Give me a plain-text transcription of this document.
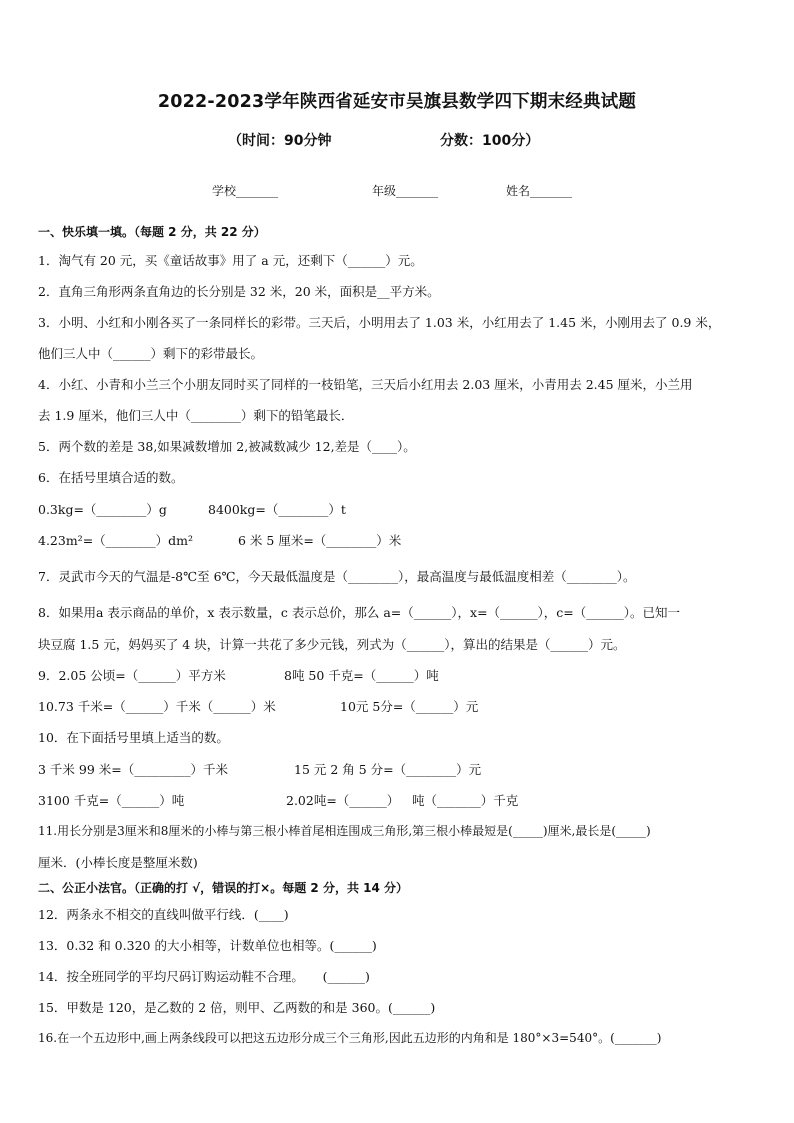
2022-2023学年陕西省延安市吴旗县数学四下期末经典试题
（时间：90分钟	分数：100分）
学校_______	年级_______	姓名_______
一、快乐填一填。（每题 2 分，共 22 分）
1．淘气有 20 元，买《童话故事》用了 a 元，还剩下（______）元。
2．直角三角形两条直角边的长分别是 32 米，20 米，面积是__平方米。
3．小明、小红和小刚各买了一条同样长的彩带。三天后，小明用去了 1.03 米，小红用去了 1.45 米，小刚用去了 0.9 米，
他们三人中（______）剩下的彩带最长。
4．小红、小青和小兰三个小朋友同时买了同样的一枝铅笔，三天后小红用去 2.03 厘米，小青用去 2.45 厘米，小兰用
去 1.9 厘米，他们三人中（________）剩下的铅笔最长．
5．两个数的差是 38,如果减数增加 2,被减数减少 12,差是（____）。
6．在括号里填合适的数。
0.3kg=（________）g	8400kg=（________）t
4.23m²=（________）dm²	6 米 5 厘米=（________）米
7．灵武市今天的气温是-8℃至 6℃，今天最低温度是（________），最高温度与最低温度相差（________）。
8．如果用a 表示商品的单价，x 表示数量，c 表示总价，那么 a=（______），x=（______），c=（______）。已知一
块豆腐 1.5 元，妈妈买了 4 块，计算一共花了多少元钱，列式为（______），算出的结果是（______）元。
9．2.05 公顷=（______）平方米	8吨 50 千克=（______）吨
10.73 千米=（______）千米（______）米	10元 5分=（______）元
10．在下面括号里填上适当的数。
3 千米 99 米=（_________）千米	15 元 2 角 5 分=（________）元
3100 千克=（______）吨	2.02吨=（______） 吨（_______）千克
11.用长分别是3厘米和8厘米的小棒与第三根小棒首尾相连围成三角形,第三根小棒最短是(_____)厘米,最长是(_____)
厘米．(小棒长度是整厘米数)
二、公正小法官。（正确的打 √，错误的打×。每题 2 分，共 14 分）
12．两条永不相交的直线叫做平行线．(____)
13．0.32 和 0.320 的大小相等，计数单位也相等。(______)
14．按全班同学的平均尺码订购运动鞋不合理。　　(______)
15．甲数是 120，是乙数的 2 倍，则甲、乙两数的和是 360。(______)
16.在一个五边形中,画上两条线段可以把这五边形分成三个三角形,因此五边形的内角和是 180°×3=540°。(_______)
